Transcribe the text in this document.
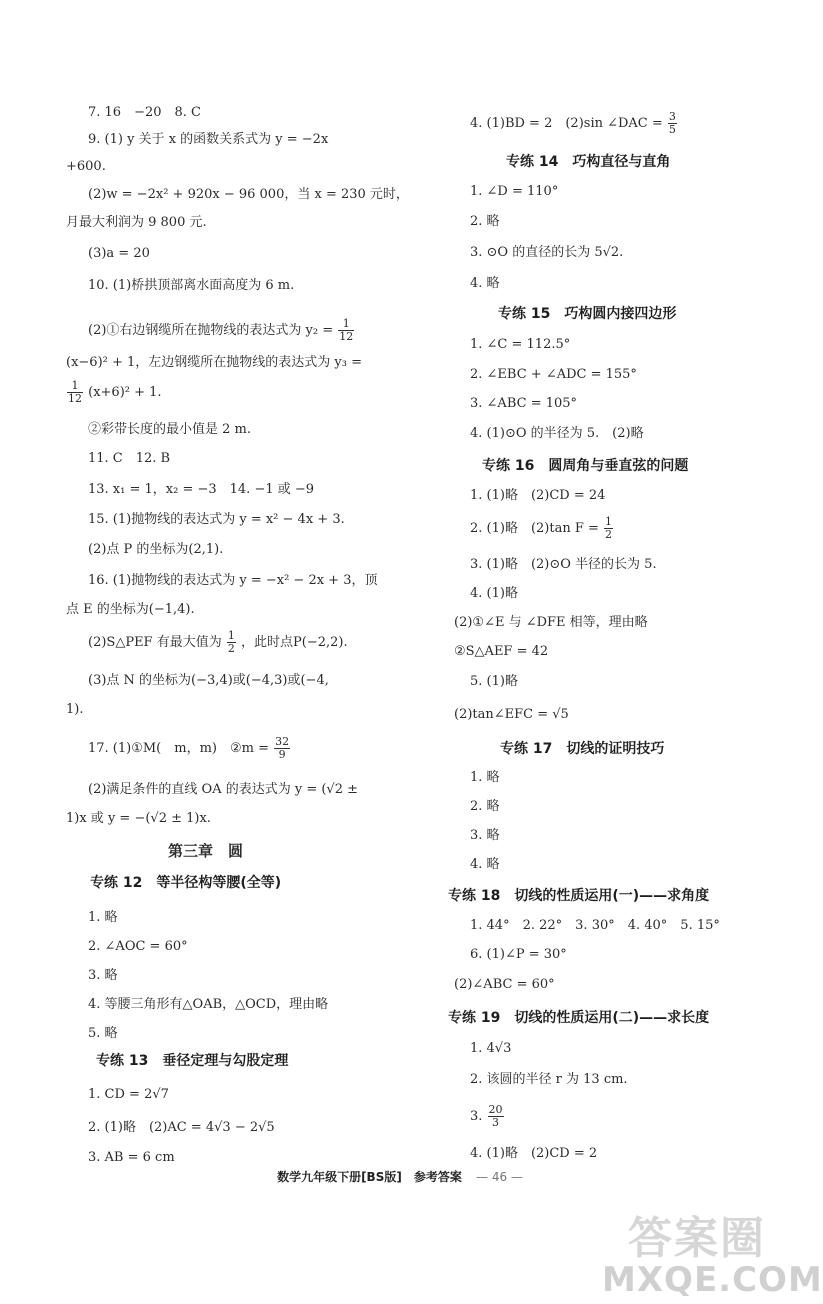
7. 16　−20　8. C
9. (1) y 关于 x 的函数关系式为 y = −2x
+600.
(2)w = −2x² + 920x − 96 000，当 x = 230 元时，
月最大利润为 9 800 元.
(3)a = 20
10. (1)桥拱顶部离水面高度为 6 m.
(2)①右边钢缆所在抛物线的表达式为 $y_2 = \frac{1}{12}$
(x−6)² + 1，左边钢缆所在抛物线的表达式为 y₃ =
$\frac{1}{12} (x+6)^2 + 1$.
②彩带长度的最小值是 2 m.
11. C　12. B
13. x₁ = 1，x₂ = −3　14. −1 或 −9
15. (1)抛物线的表达式为 y = x² − 4x + 3.
(2)点 P 的坐标为(2,1).
16. (1)抛物线的表达式为 y = −x² − 2x + 3，顶
点 E 的坐标为(−1,4).
(2)S△PEF 有最大值为 $\frac{1}{2}$ ，此时点P(−2,2).
(3)点 N 的坐标为(−3,4)或(−4,3)或(−4,
1).
17. (1)①M(　m，m)　②m = $\frac{32}{9}$
(2)满足条件的直线 OA 的表达式为 y = (√2 ±
1)x 或 y = −(√2 ± 1)x.
第三章　圆
专练 12　等半径构等腰(全等)
1. 略
2. ∠AOC = 60°
3. 略
4. 等腰三角形有△OAB，△OCD，理由略
5. 略
专练 13　垂径定理与勾股定理
1. CD = 2√7
2. (1)略　(2)AC = 4√3 − 2√5
3. AB = 6 cm
4. (1)BD = 2　(2)sin ∠DAC = $\frac{3}{5}$
专练 14　巧构直径与直角
1. ∠D = 110°
2. 略
3. ⊙O 的直径的长为 5√2.
4. 略
专练 15　巧构圆内接四边形
1. ∠C = 112.5°
2. ∠EBC + ∠ADC = 155°
3. ∠ABC = 105°
4. (1)⊙O 的半径为 5.　(2)略
专练 16　圆周角与垂直弦的问题
1. (1)略　(2)CD = 24
2. (1)略　(2)tan $F = \frac{1}{2}$
3. (1)略　(2)⊙O 半径的长为 5.
4. (1)略
(2)①∠E 与 ∠DFE 相等，理由略
②S△AEF = 42
5. (1)略
(2)tan∠EFC = √5
专练 17　切线的证明技巧
1. 略
2. 略
3. 略
4. 略
专练 18　切线的性质运用(一)——求角度
1. 44°　2. 22°　3. 30°　4. 40°　5. 15°
6. (1)∠P = 30°
(2)∠ABC = 60°
专练 19　切线的性质运用(二)——求长度
1. 4√3
2. 该圆的半径 r 为 13 cm.
3. $\frac{20}{3}$
4. (1)略　(2)CD = 2
数学九年级下册[BS版]　参考答案 — 46 —
答案圈
MXQE.COM
